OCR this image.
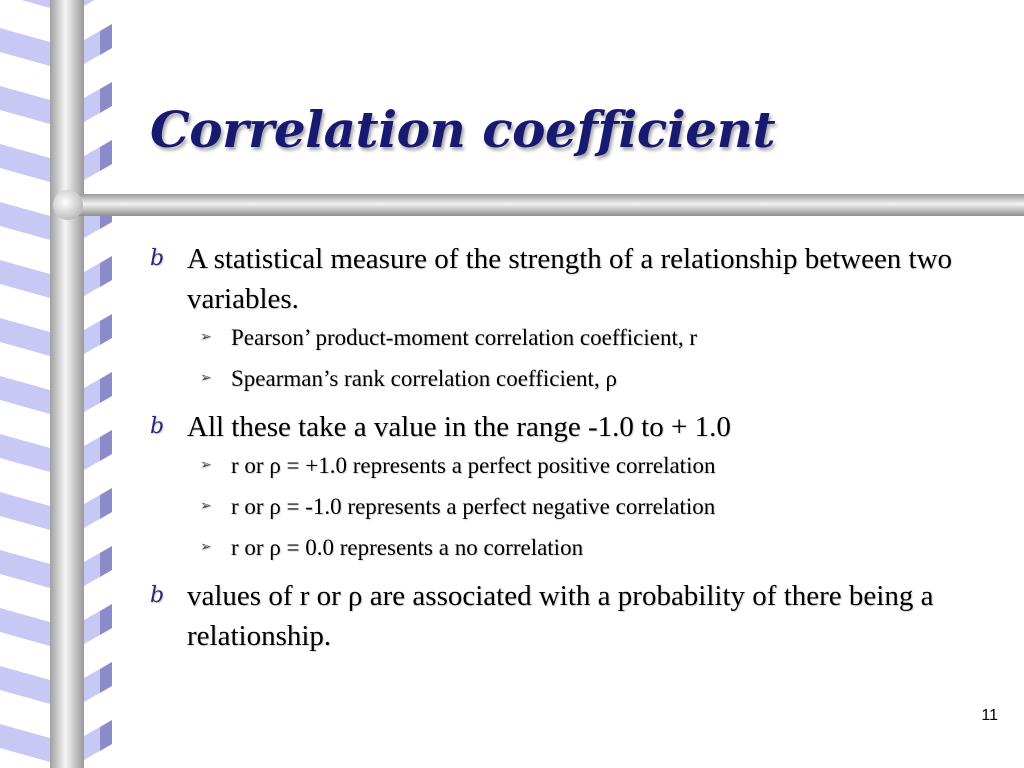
Correlation coefficient
b A statistical measure of the strength of a relationship between two variables.
➢ Pearson’ product-moment correlation coefficient, r
➢ Spearman’s rank correlation coefficient, ρ
b All these take a value in the range -1.0 to + 1.0
➢ r or ρ = +1.0 represents a perfect positive correlation
➢ r or ρ = -1.0 represents a perfect negative correlation
➢ r or ρ = 0.0 represents a no correlation
b values of r or ρ are associated with a probability of there being a relationship.
11
